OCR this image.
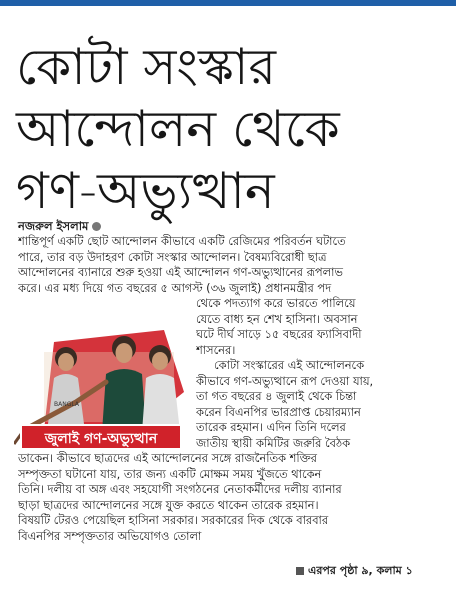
কোটা সংস্কার
আন্দোলন থেকে
গণ-অভ্যুত্থান
নজরুল ইসলাম
শান্তিপূর্ণ একটি ছোট আন্দোলন কীভাবে একটি রেজিমের পরিবর্তন ঘটাতে
পারে, তার বড় উদাহরণ কোটা সংস্কার আন্দোলন। বৈষম্যবিরোধী ছাত্র
আন্দোলনের ব্যানারে শুরু হওয়া এই আন্দোলন গণ-অভ্যুত্থানের রূপলাভ
করে। এর মধ্য দিয়ে গত বছরের ৫ আগস্ট (৩৬ জুলাই) প্রধানমন্ত্রীর পদ
BANGLA
জুলাই গণ-অভ্যুত্থান
থেকে পদত্যাগ করে ভারতে পালিয়ে
যেতে বাধ্য হন শেখ হাসিনা। অবসান
ঘটে দীর্ঘ সাড়ে ১৫ বছরের ফ্যাসিবাদী
শাসনের।
কোটা সংস্কারের এই আন্দোলনকে
কীভাবে গণ-অভ্যুত্থানে রূপ দেওয়া যায়,
তা গত বছরের ৪ জুলাই থেকে চিন্তা
করেন বিএনপির ভারপ্রাপ্ত চেয়ারম্যান
তারেক রহমান। এদিন তিনি দলের
জাতীয় স্থায়ী কমিটির জরুরি বৈঠক
ডাকেন। কীভাবে ছাত্রদের এই আন্দোলনের সঙ্গে রাজনৈতিক শক্তির
সম্পৃক্ততা ঘটানো যায়, তার জন্য একটি মোক্ষম সময় খুঁজতে থাকেন
তিনি। দলীয় বা অঙ্গ এবং সহযোগী সংগঠনের নেতাকর্মীদের দলীয় ব্যানার
ছাড়া ছাত্রদের আন্দোলনের সঙ্গে যুক্ত করতে থাকেন তারেক রহমান।
বিষয়টি টেরও পেয়েছিল হাসিনা সরকার। সরকারের দিক থেকে বারবার
বিএনপির সম্পৃক্ততার অভিযোগও তোলা
এরপর পৃষ্ঠা ৯, কলাম ১
